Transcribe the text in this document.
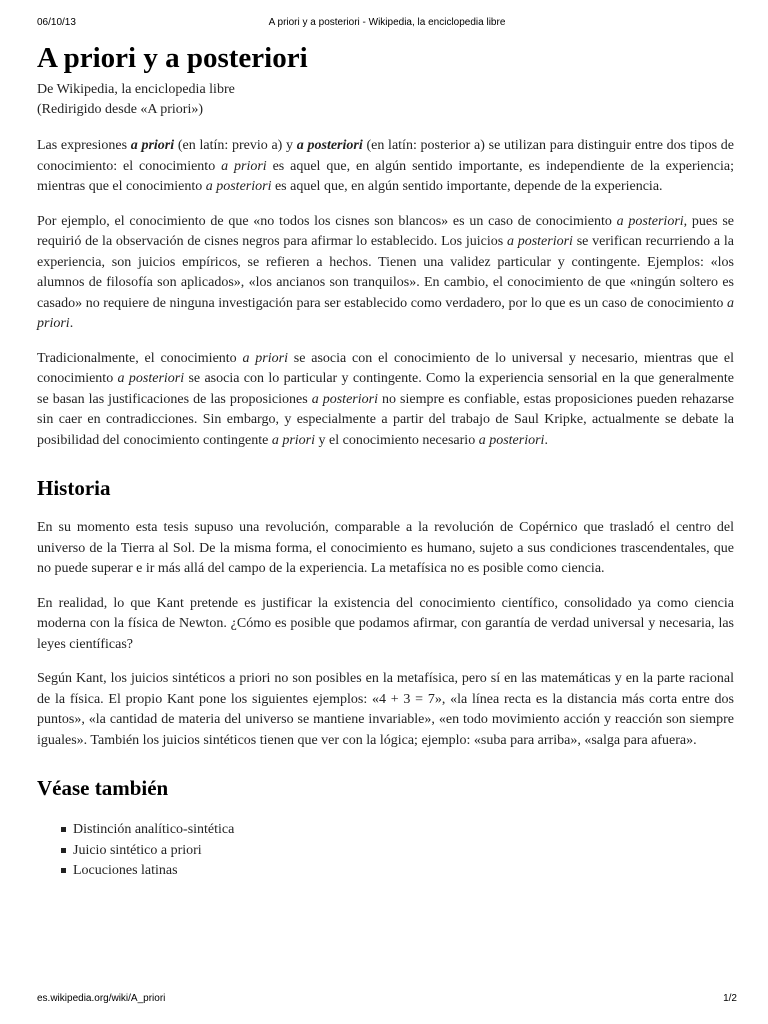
06/10/13	A priori y a posteriori - Wikipedia, la enciclopedia libre
A priori y a posteriori
De Wikipedia, la enciclopedia libre
(Redirigido desde «A priori»)

Las expresiones a priori (en latín: previo a) y a posteriori (en latín: posterior a) se utilizan para distinguir entre dos tipos de conocimiento: el conocimiento a priori es aquel que, en algún sentido importante, es independiente de la experiencia; mientras que el conocimiento a posteriori es aquel que, en algún sentido importante, depende de la experiencia.

Por ejemplo, el conocimiento de que «no todos los cisnes son blancos» es un caso de conocimiento a posteriori, pues se requirió de la observación de cisnes negros para afirmar lo establecido. Los juicios a posteriori se verifican recurriendo a la experiencia, son juicios empíricos, se refieren a hechos. Tienen una validez particular y contingente. Ejemplos: «los alumnos de filosofía son aplicados», «los ancianos son tranquilos». En cambio, el conocimiento de que «ningún soltero es casado» no requiere de ninguna investigación para ser establecido como verdadero, por lo que es un caso de conocimiento a priori.

Tradicionalmente, el conocimiento a priori se asocia con el conocimiento de lo universal y necesario, mientras que el conocimiento a posteriori se asocia con lo particular y contingente. Como la experiencia sensorial en la que generalmente se basan las justificaciones de las proposiciones a posteriori no siempre es confiable, estas proposiciones pueden rehazarse sin caer en contradicciones. Sin embargo, y especialmente a partir del trabajo de Saul Kripke, actualmente se debate la posibilidad del conocimiento contingente a priori y el conocimiento necesario a posteriori.

Historia

En su momento esta tesis supuso una revolución, comparable a la revolución de Copérnico que trasladó el centro del universo de la Tierra al Sol. De la misma forma, el conocimiento es humano, sujeto a sus condiciones trascendentales, que no puede superar e ir más allá del campo de la experiencia. La metafísica no es posible como ciencia.

En realidad, lo que Kant pretende es justificar la existencia del conocimiento científico, consolidado ya como ciencia moderna con la física de Newton. ¿Cómo es posible que podamos afirmar, con garantía de verdad universal y necesaria, las leyes científicas?

Según Kant, los juicios sintéticos a priori no son posibles en la metafísica, pero sí en las matemáticas y en la parte racional de la física. El propio Kant pone los siguientes ejemplos: «4 + 3 = 7», «la línea recta es la distancia más corta entre dos puntos», «la cantidad de materia del universo se mantiene invariable», «en todo movimiento acción y reacción son siempre iguales». También los juicios sintéticos tienen que ver con la lógica; ejemplo: «suba para arriba», «salga para afuera».

Véase también
Distinción analítico-sintética
Juicio sintético a priori
Locuciones latinas
es.wikipedia.org/wiki/A_priori	1/2
